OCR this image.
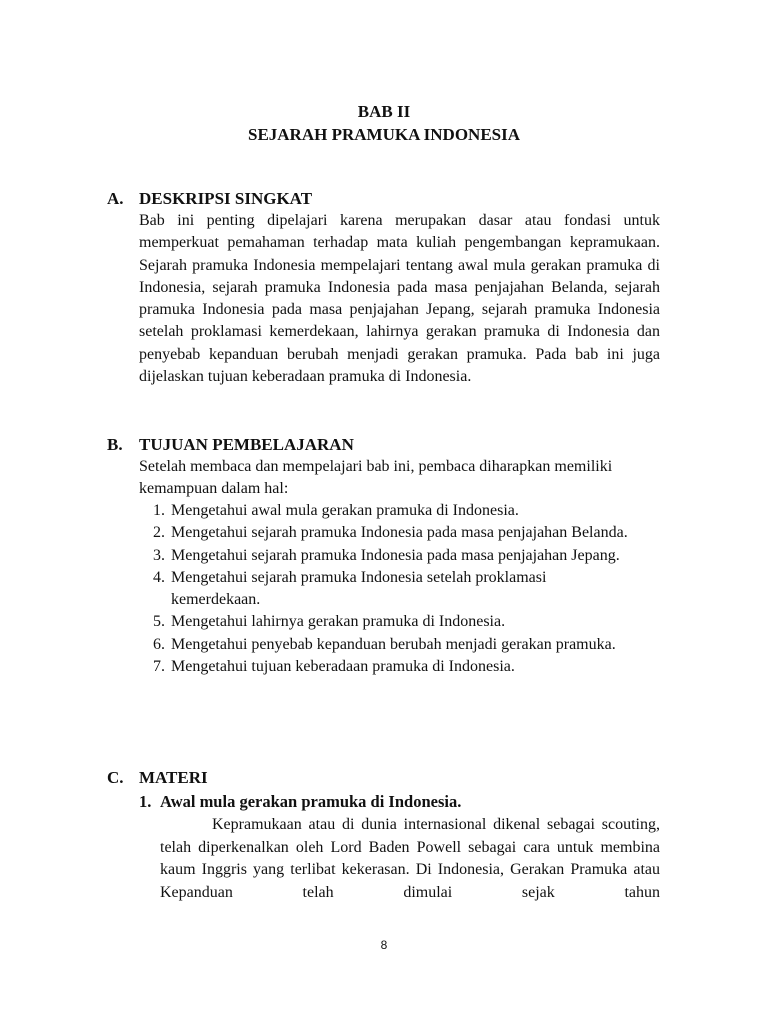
BAB II
SEJARAH PRAMUKA INDONESIA
A. DESKRIPSI SINGKAT
Bab ini penting dipelajari karena merupakan dasar atau fondasi untuk memperkuat pemahaman terhadap mata kuliah pengembangan kepramukaan. Sejarah pramuka Indonesia mempelajari tentang awal mula gerakan pramuka di Indonesia, sejarah pramuka Indonesia pada masa penjajahan Belanda, sejarah pramuka Indonesia pada masa penjajahan Jepang, sejarah pramuka Indonesia setelah proklamasi kemerdekaan, lahirnya gerakan pramuka di Indonesia dan penyebab kepanduan berubah menjadi gerakan pramuka. Pada bab ini juga dijelaskan tujuan keberadaan pramuka di Indonesia.
B. TUJUAN PEMBELAJARAN
Setelah membaca dan mempelajari bab ini, pembaca diharapkan memiliki kemampuan dalam hal:
1. Mengetahui awal mula gerakan pramuka di Indonesia.
2. Mengetahui sejarah pramuka Indonesia pada masa penjajahan Belanda.
3. Mengetahui sejarah pramuka Indonesia pada masa penjajahan Jepang.
4. Mengetahui sejarah pramuka Indonesia setelah proklamasi kemerdekaan.
5. Mengetahui lahirnya gerakan pramuka di Indonesia.
6. Mengetahui penyebab kepanduan berubah menjadi gerakan pramuka.
7. Mengetahui tujuan keberadaan pramuka di Indonesia.
C. MATERI
1. Awal mula gerakan pramuka di Indonesia.
Kepramukaan atau di dunia internasional dikenal sebagai scouting, telah diperkenalkan oleh Lord Baden Powell sebagai cara untuk membina kaum Inggris yang terlibat kekerasan. Di Indonesia, Gerakan Pramuka atau Kepanduan telah dimulai sejak tahun
8
